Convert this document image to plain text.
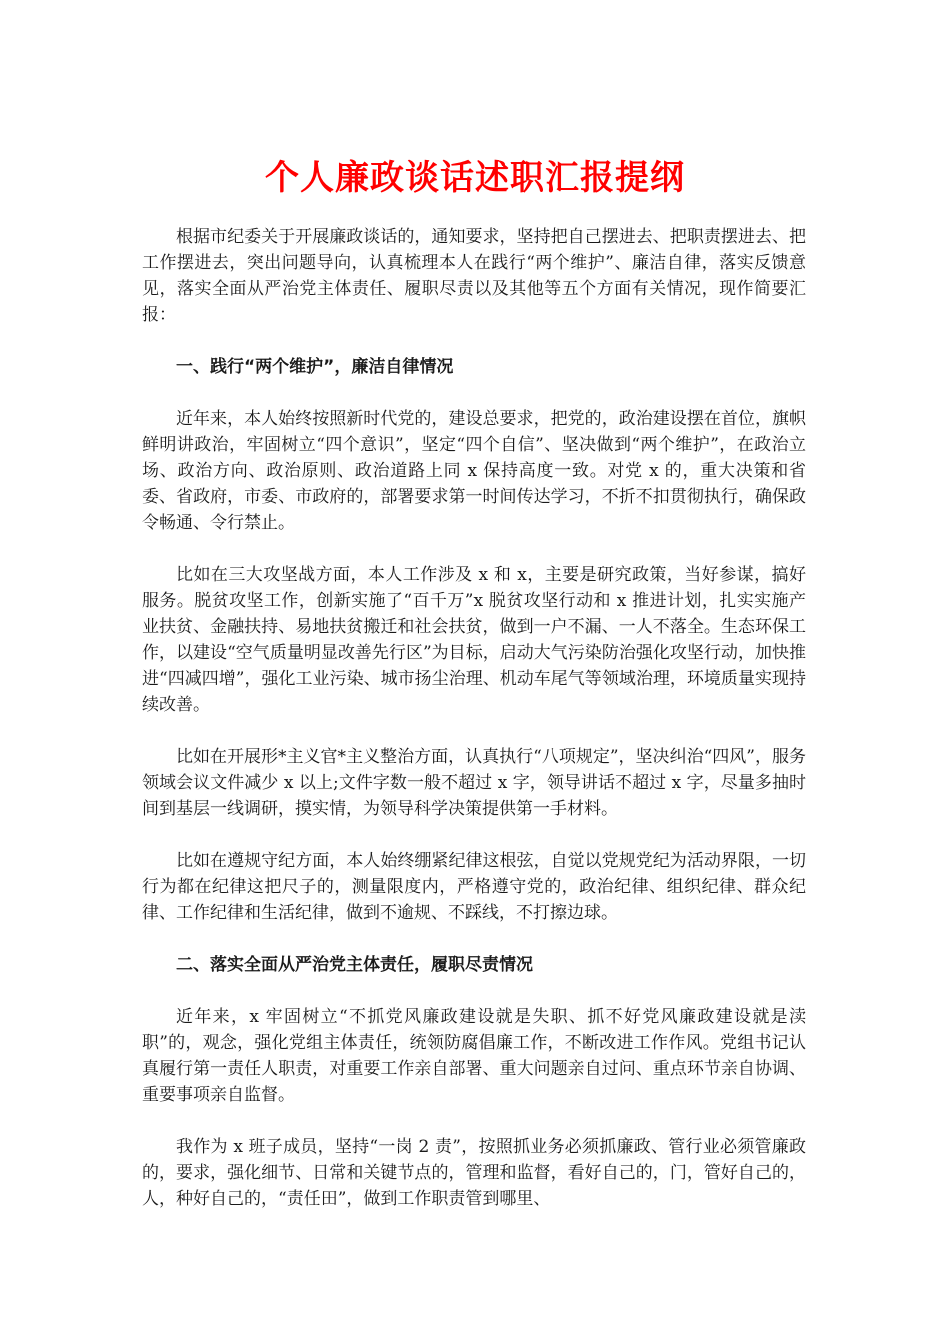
个人廉政谈话述职汇报提纲

根据市纪委关于开展廉政谈话的，通知要求，坚持把自己摆进去、把职责摆进去、把工作摆进去，突出问题导向，认真梳理本人在践行“两个维护”、廉洁自律，落实反馈意见，落实全面从严治党主体责任、履职尽责以及其他等五个方面有关情况，现作简要汇报：

一、践行“两个维护”，廉洁自律情况

近年来，本人始终按照新时代党的，建设总要求，把党的，政治建设摆在首位，旗帜鲜明讲政治，牢固树立“四个意识”，坚定“四个自信”、坚决做到“两个维护”，在政治立场、政治方向、政治原则、政治道路上同 x 保持高度一致。对党 x 的，重大决策和省委、省政府，市委、市政府的，部署要求第一时间传达学习，不折不扣贯彻执行，确保政令畅通、令行禁止。

比如在三大攻坚战方面，本人工作涉及 x 和 x，主要是研究政策，当好参谋，搞好服务。脱贫攻坚工作，创新实施了“百千万”x 脱贫攻坚行动和 x 推进计划，扎实实施产业扶贫、金融扶持、易地扶贫搬迁和社会扶贫，做到一户不漏、一人不落全。生态环保工作，以建设“空气质量明显改善先行区”为目标，启动大气污染防治强化攻坚行动，加快推进“四减四增”，强化工业污染、城市扬尘治理、机动车尾气等领域治理，环境质量实现持续改善。

比如在开展形*主义官*主义整治方面，认真执行“八项规定”，坚决纠治“四风”，服务领域会议文件减少 x 以上;文件字数一般不超过 x 字，领导讲话不超过 x 字，尽量多抽时间到基层一线调研，摸实情，为领导科学决策提供第一手材料。

比如在遵规守纪方面，本人始终绷紧纪律这根弦，自觉以党规党纪为活动界限，一切行为都在纪律这把尺子的，测量限度内，严格遵守党的，政治纪律、组织纪律、群众纪律、工作纪律和生活纪律，做到不逾规、不踩线，不打擦边球。

二、落实全面从严治党主体责任，履职尽责情况

近年来，x 牢固树立“不抓党风廉政建设就是失职、抓不好党风廉政建设就是渎职”的，观念，强化党组主体责任，统领防腐倡廉工作，不断改进工作作风。党组书记认真履行第一责任人职责，对重要工作亲自部署、重大问题亲自过问、重点环节亲自协调、重要事项亲自监督。

我作为 x 班子成员，坚持“一岗 2 责”，按照抓业务必须抓廉政、管行业必须管廉政的，要求，强化细节、日常和关键节点的，管理和监督，看好自己的，门，管好自己的，人，种好自己的，“责任田”，做到工作职责管到哪里、
